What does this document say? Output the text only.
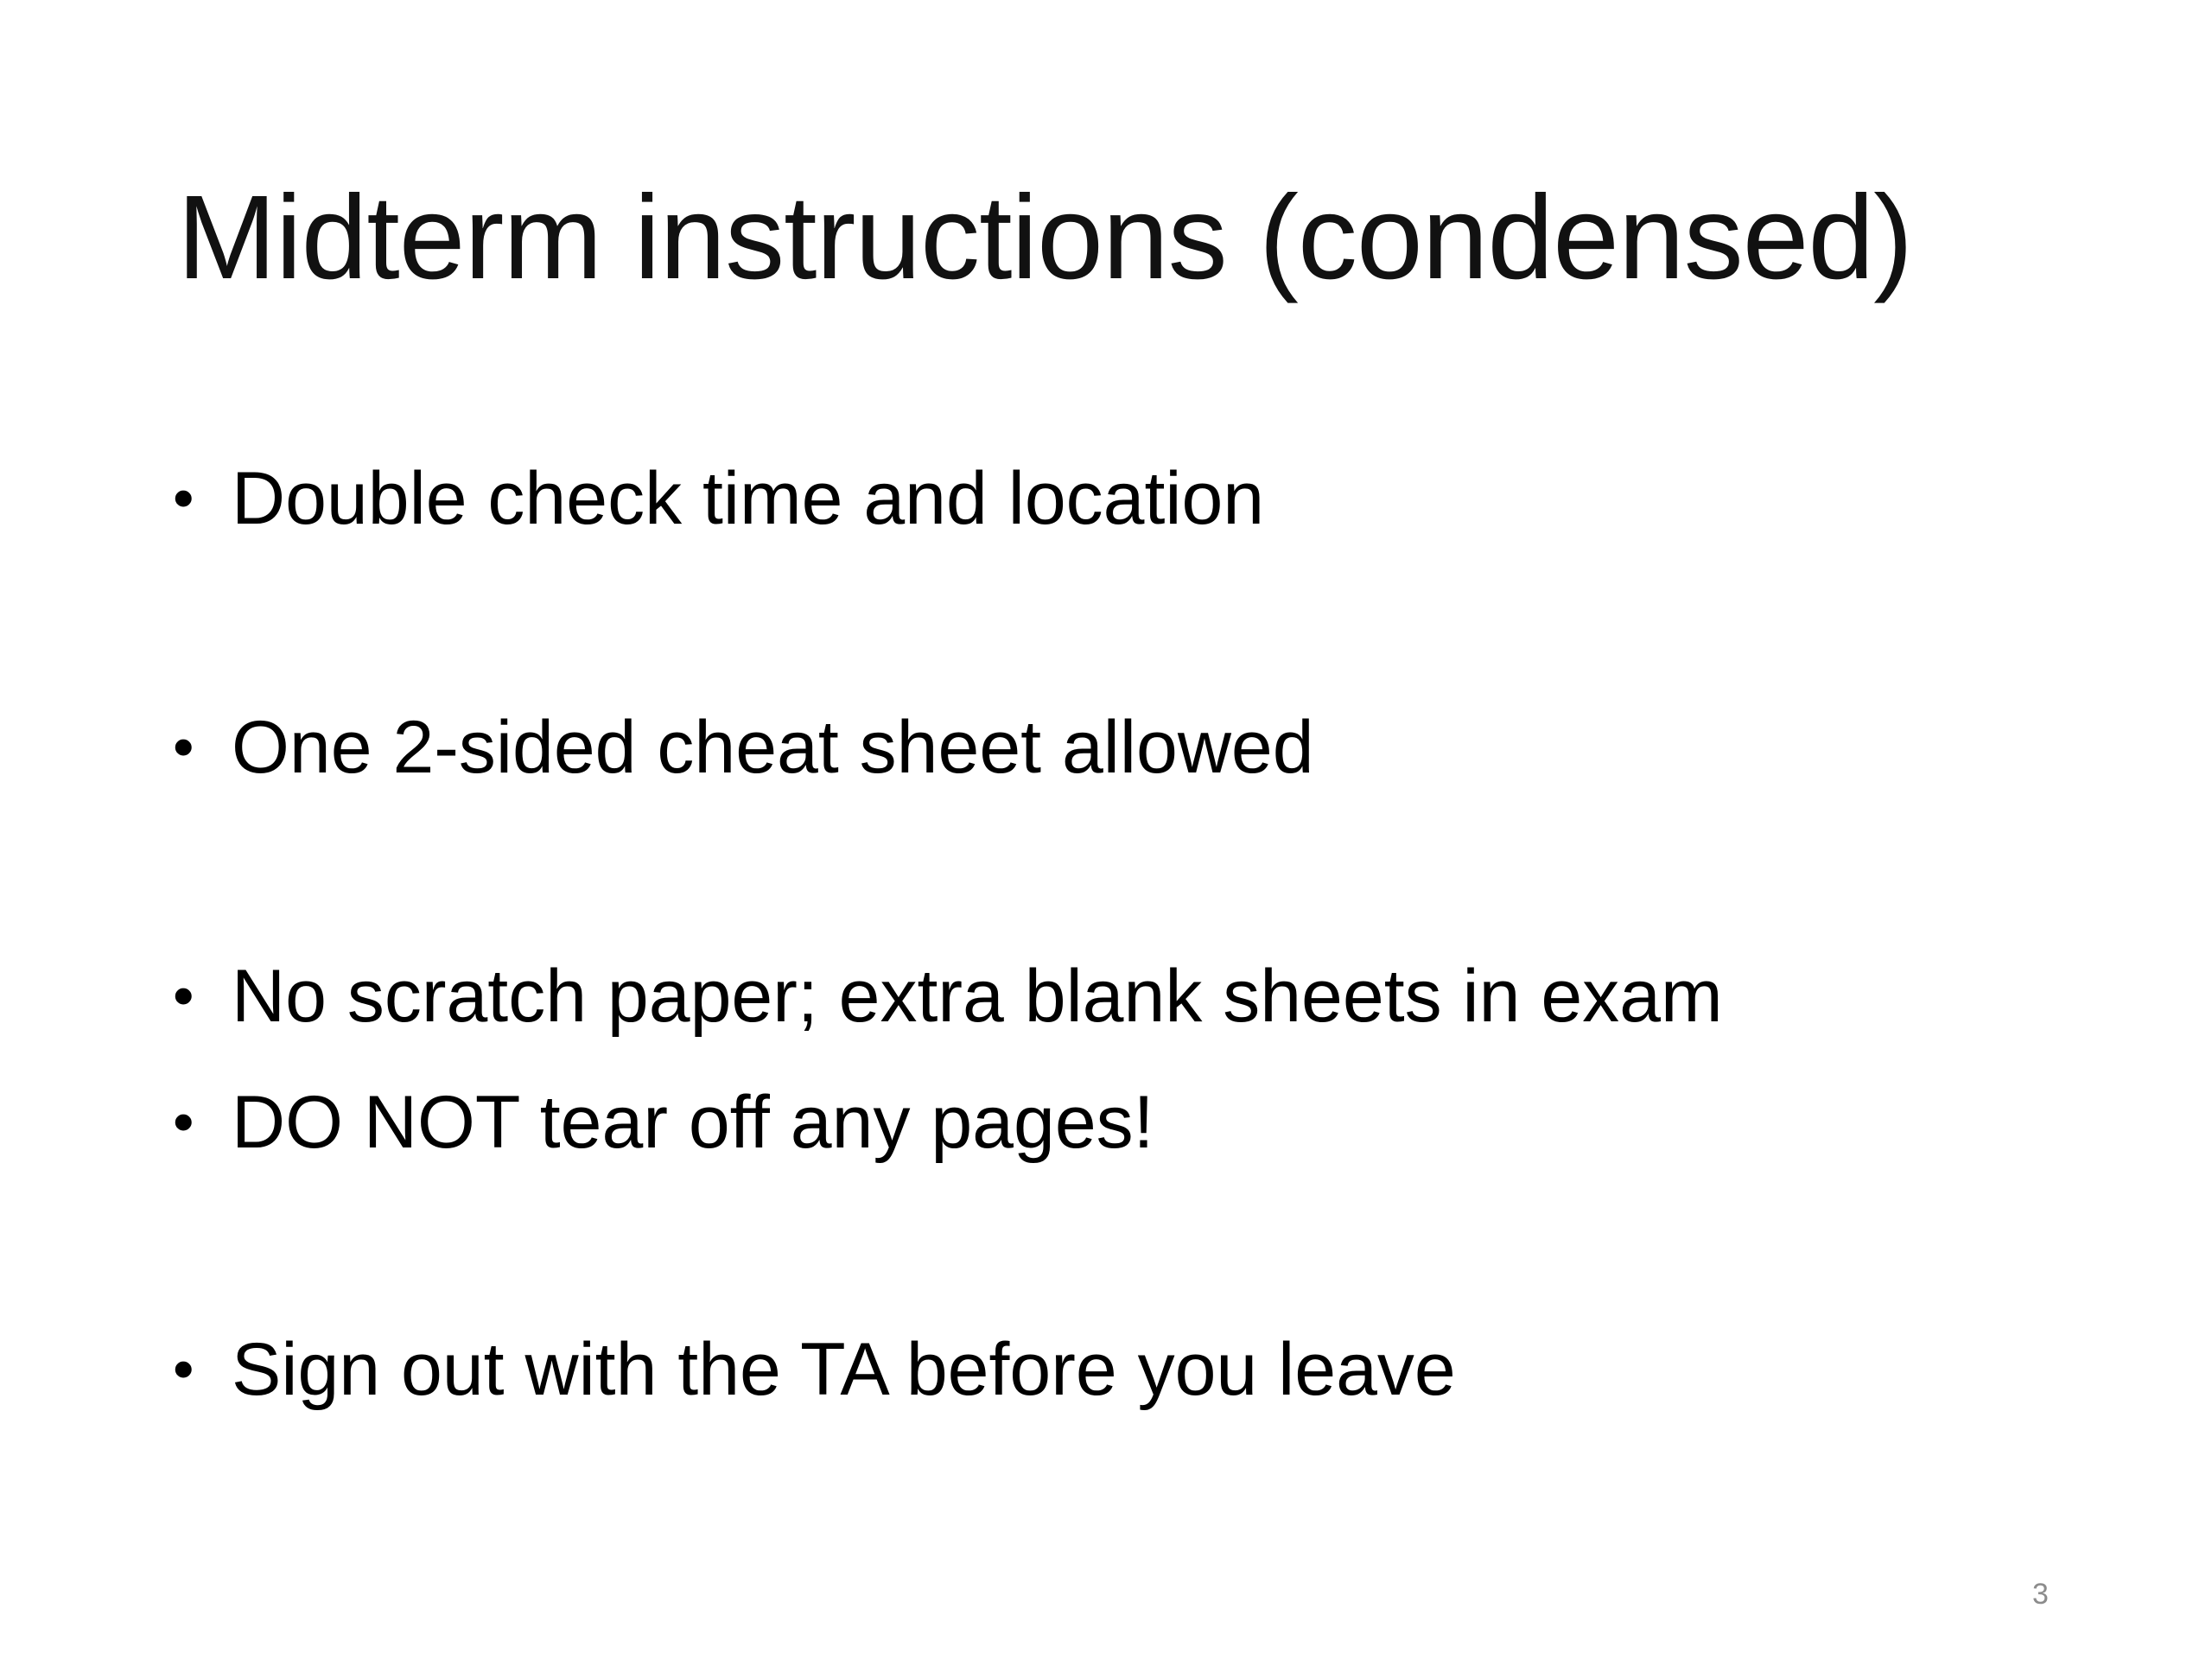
Midterm instructions (condensed)
• Double check time and location
• One 2-sided cheat sheet allowed
• No scratch paper; extra blank sheets in exam
• DO NOT tear off any pages!
• Sign out with the TA before you leave
3
